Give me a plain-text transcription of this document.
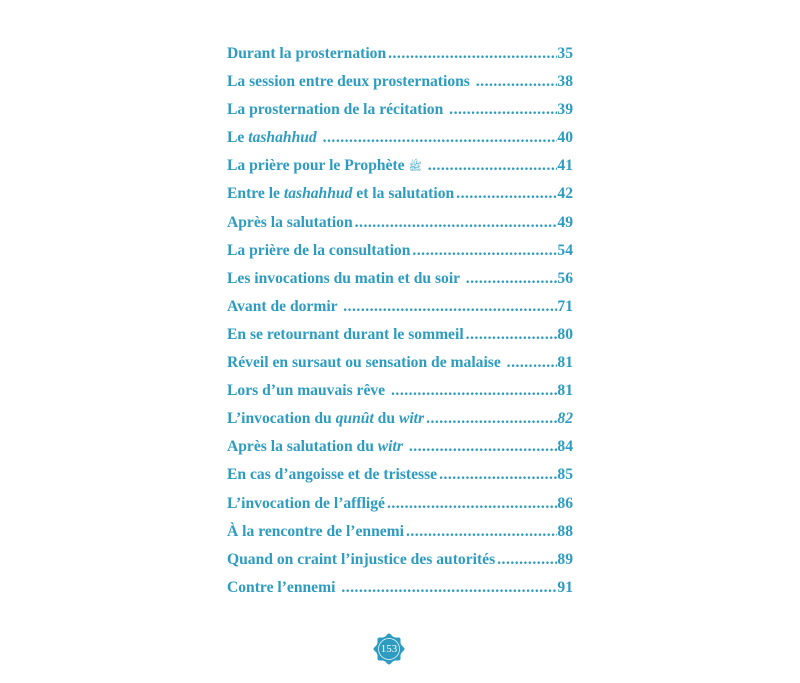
Durant la prosternation .....	35
La session entre deux prosternations .....	38
La prosternation de la récitation .....	39
Le tashahhud .....	40
La prière pour le Prophète ﷺ .....	41
Entre le tashahhud et la salutation .....	42
Après la salutation .....	49
La prière de la consultation .....	54
Les invocations du matin et du soir .....	56
Avant de dormir .....	71
En se retournant durant le sommeil .....	80
Réveil en sursaut ou sensation de malaise .....	81
Lors d’un mauvais rêve .....	81
L’invocation du qunût du witr .....	82
Après la salutation du witr .....	84
En cas d’angoisse et de tristesse .....	85
L’invocation de l’affligé .....	86
À la rencontre de l’ennemi .....	88
Quand on craint l’injustice des autorités .....	89
Contre l’ennemi .....	91
153
